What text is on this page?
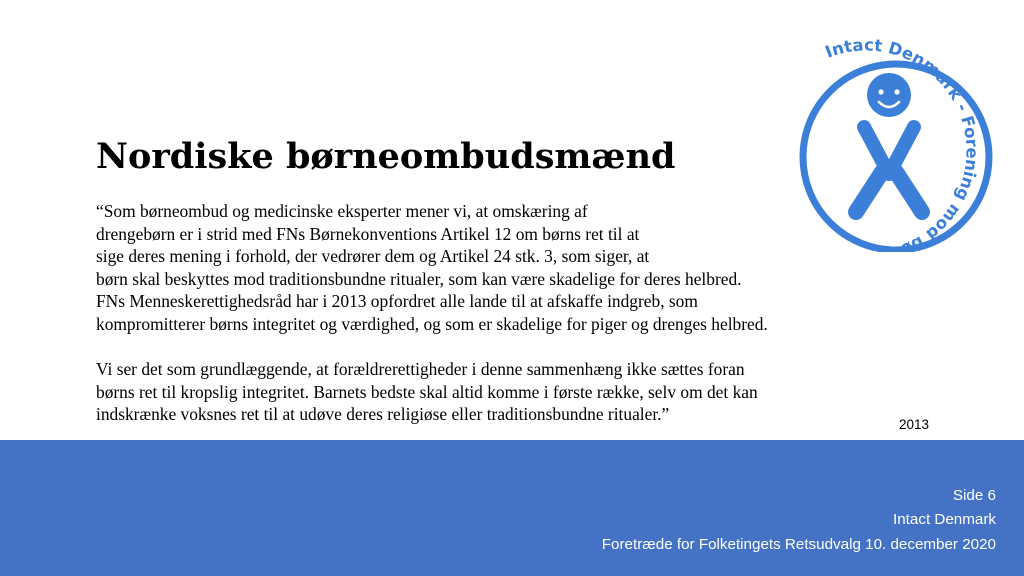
Intact Denmark - Forening mod bø
Nordiske børneombudsmænd
“Som børneombud og medicinske eksperter mener vi, at omskæring af
drengebørn er i strid med FNs Børnekonventions Artikel 12 om børns ret til at
sige deres mening i forhold, der vedrører dem og Artikel 24 stk. 3, som siger, at
børn skal beskyttes mod traditionsbundne ritualer, som kan være skadelige for deres helbred.
FNs Menneskerettighedsråd har i 2013 opfordret alle lande til at afskaffe indgreb, som
kompromitterer børns integritet og værdighed, og som er skadelige for piger og drenges helbred.
Vi ser det som grundlæggende, at forældrerettigheder i denne sammenhæng ikke sættes foran
børns ret til kropslig integritet. Barnets bedste skal altid komme i første række, selv om det kan
indskrænke voksnes ret til at udøve deres religiøse eller traditionsbundne ritualer.”
2013
Side 6
Intact Denmark
Foretræde for Folketingets Retsudvalg 10. december 2020
